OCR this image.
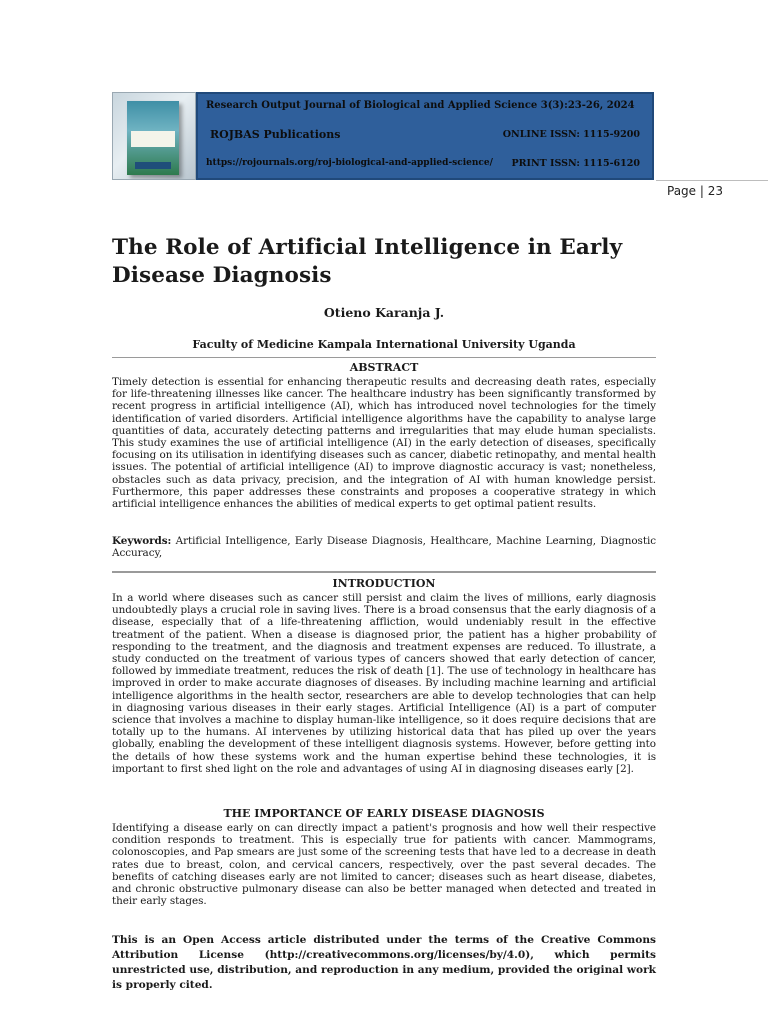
Research Output Journal of Biological and Applied Science 3(3):23-26, 2024
ROJBAS Publications	ONLINE ISSN: 1115-9200
https://rojournals.org/roj-biological-and-applied-science/ PRINT ISSN: 1115-6120
Page | 23
The Role of Artificial Intelligence in Early Disease Diagnosis
Otieno Karanja J.
Faculty of Medicine Kampala International University Uganda
ABSTRACT

Timely detection is essential for enhancing therapeutic results and decreasing death rates, especially for life-threatening illnesses like cancer. The healthcare industry has been significantly transformed by recent progress in artificial intelligence (AI), which has introduced novel technologies for the timely identification of varied disorders. Artificial intelligence algorithms have the capability to analyse large quantities of data, accurately detecting patterns and irregularities that may elude human specialists. This study examines the use of artificial intelligence (AI) in the early detection of diseases, specifically focusing on its utilisation in identifying diseases such as cancer, diabetic retinopathy, and mental health issues. The potential of artificial intelligence (AI) to improve diagnostic accuracy is vast; nonetheless, obstacles such as data privacy, precision, and the integration of AI with human knowledge persist. Furthermore, this paper addresses these constraints and proposes a cooperative strategy in which artificial intelligence enhances the abilities of medical experts to get optimal patient results.

Keywords: Artificial Intelligence, Early Disease Diagnosis, Healthcare, Machine Learning, Diagnostic Accuracy,

INTRODUCTION

In a world where diseases such as cancer still persist and claim the lives of millions, early diagnosis undoubtedly plays a crucial role in saving lives. There is a broad consensus that the early diagnosis of a disease, especially that of a life-threatening affliction, would undeniably result in the effective treatment of the patient. When a disease is diagnosed prior, the patient has a higher probability of responding to the treatment, and the diagnosis and treatment expenses are reduced. To illustrate, a study conducted on the treatment of various types of cancers showed that early detection of cancer, followed by immediate treatment, reduces the risk of death [1]. The use of technology in healthcare has improved in order to make accurate diagnoses of diseases. By including machine learning and artificial intelligence algorithms in the health sector, researchers are able to develop technologies that can help in diagnosing various diseases in their early stages. Artificial Intelligence (AI) is a part of computer science that involves a machine to display human-like intelligence, so it does require decisions that are totally up to the humans. AI intervenes by utilizing historical data that has piled up over the years globally, enabling the development of these intelligent diagnosis systems. However, before getting into the details of how these systems work and the human expertise behind these technologies, it is important to first shed light on the role and advantages of using AI in diagnosing diseases early [2].

THE IMPORTANCE OF EARLY DISEASE DIAGNOSIS

Identifying a disease early on can directly impact a patient's prognosis and how well their respective condition responds to treatment. This is especially true for patients with cancer. Mammograms, colonoscopies, and Pap smears are just some of the screening tests that have led to a decrease in death rates due to breast, colon, and cervical cancers, respectively, over the past several decades. The benefits of catching diseases early are not limited to cancer; diseases such as heart disease, diabetes, and chronic obstructive pulmonary disease can also be better managed when detected and treated in their early stages.

This is an Open Access article distributed under the terms of the Creative Commons Attribution License (http://creativecommons.org/licenses/by/4.0), which permits unrestricted use, distribution, and reproduction in any medium, provided the original work is properly cited.
